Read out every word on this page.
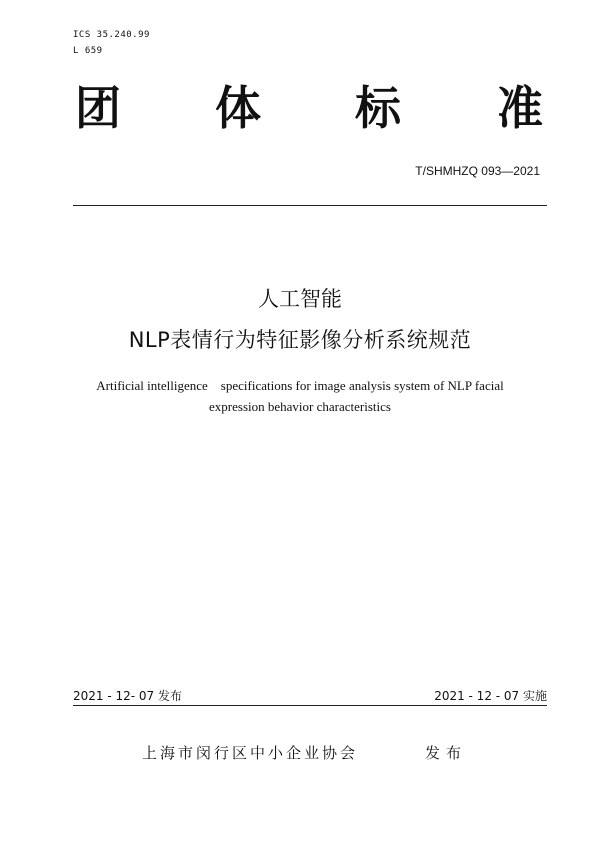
ICS 35.240.99
L 659
团 体 标 准
T/SHMHZQ 093—2021
人工智能
NLP表情行为特征影像分析系统规范
Artificial intelligence    specifications for image analysis system of NLP facial
expression behavior characteristics
2021 - 12- 07 发布	2021 - 12 - 07 实施
上海市闵行区中小企业协会	发布
